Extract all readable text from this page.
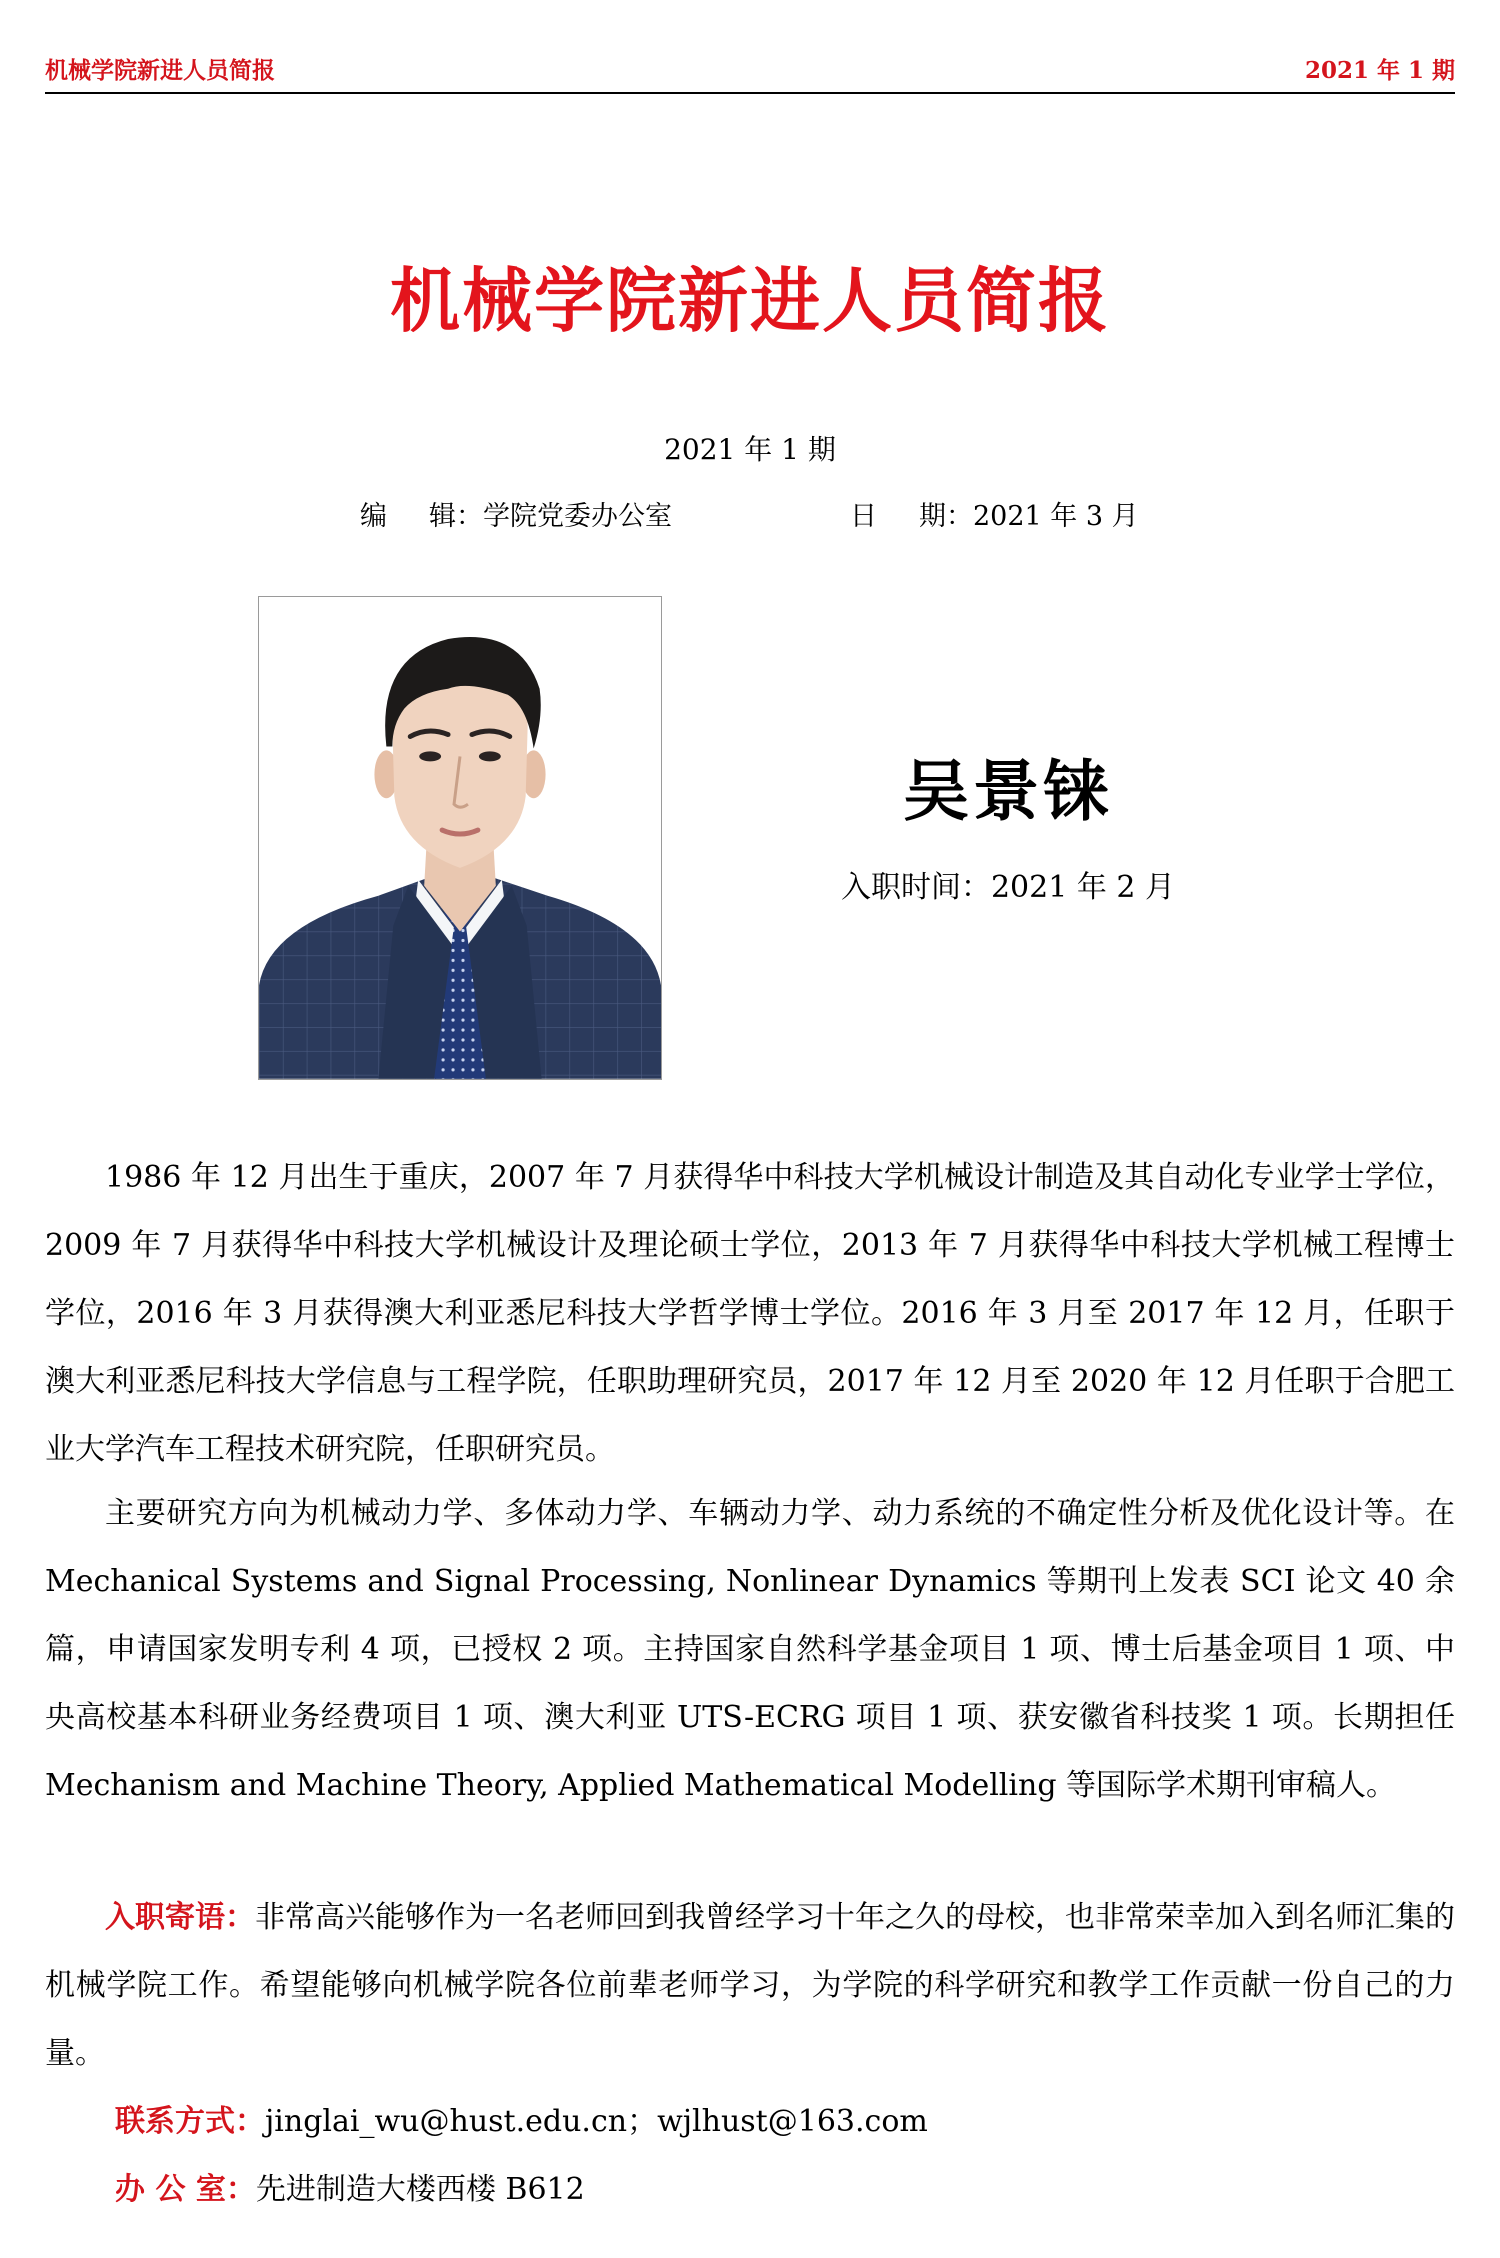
机械学院新进人员简报	2021 年 1 期
机械学院新进人员简报
2021 年 1 期
编 辑：学院党委办公室	日 期：2021 年 3 月
吴景铼
入职时间：2021 年 2 月
1986 年 12 月出生于重庆，2007 年 7 月获得华中科技大学机械设计制造及其自动化专业学士学位，2009 年 7 月获得华中科技大学机械设计及理论硕士学位，2013 年 7 月获得华中科技大学机械工程博士学位，2016 年 3 月获得澳大利亚悉尼科技大学哲学博士学位。2016 年 3 月至 2017 年 12 月，任职于澳大利亚悉尼科技大学信息与工程学院，任职助理研究员，2017 年 12 月至 2020 年 12 月任职于合肥工业大学汽车工程技术研究院，任职研究员。
主要研究方向为机械动力学、多体动力学、车辆动力学、动力系统的不确定性分析及优化设计等。在 Mechanical Systems and Signal Processing, Nonlinear Dynamics 等期刊上发表 SCI 论文 40 余篇，申请国家发明专利 4 项，已授权 2 项。主持国家自然科学基金项目 1 项、博士后基金项目 1 项、中央高校基本科研业务经费项目 1 项、澳大利亚 UTS-ECRG 项目 1 项、获安徽省科技奖 1 项。长期担任 Mechanism and Machine Theory, Applied Mathematical Modelling 等国际学术期刊审稿人。
入职寄语：非常高兴能够作为一名老师回到我曾经学习十年之久的母校，也非常荣幸加入到名师汇集的机械学院工作。希望能够向机械学院各位前辈老师学习，为学院的科学研究和教学工作贡献一份自己的力量。
联系方式：jinglai_wu@hust.edu.cn；wjlhust@163.com
办 公 室：先进制造大楼西楼 B612
